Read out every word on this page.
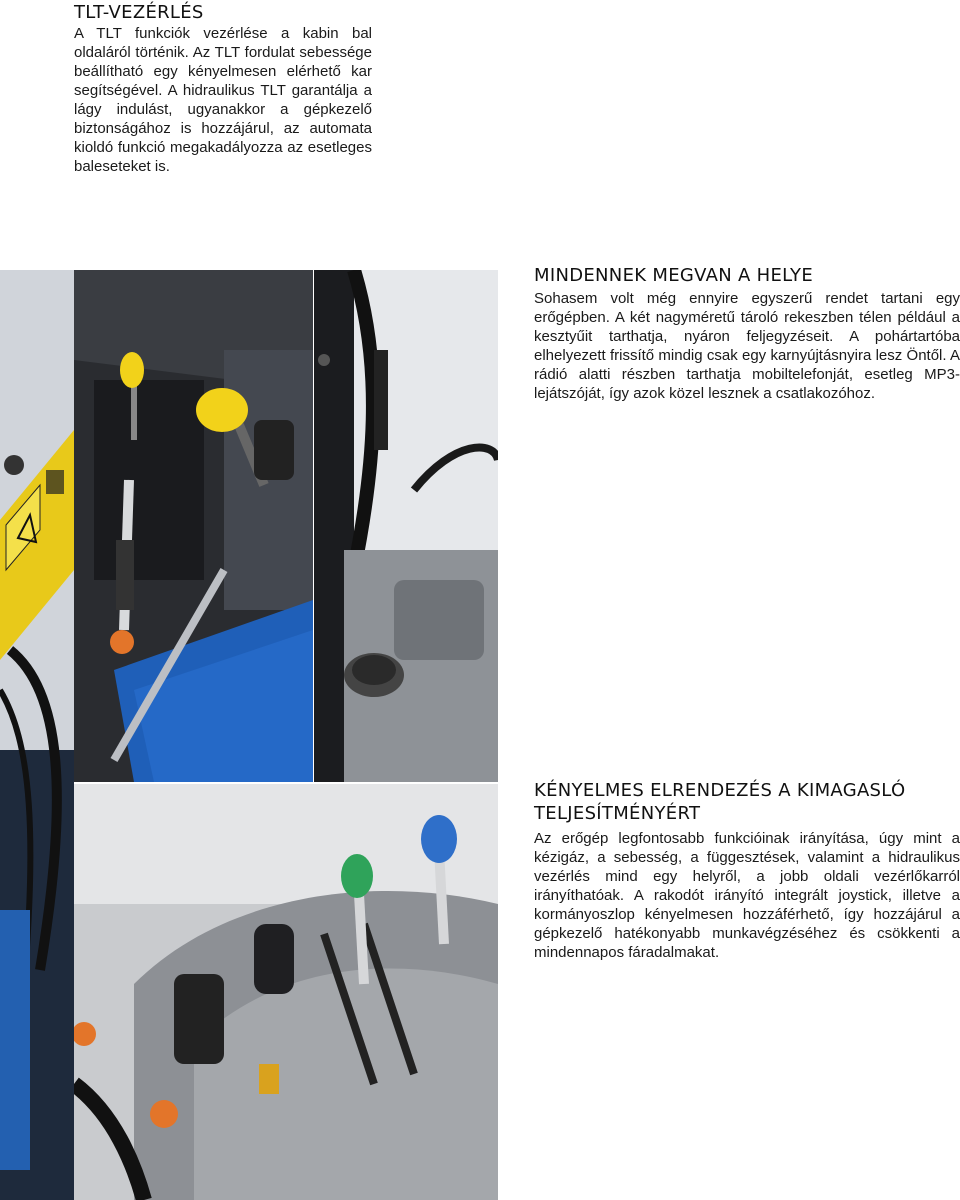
TLT-VEZÉRLÉS

A TLT funkciók vezérlése a kabin bal oldaláról történik. Az TLT fordulat sebessége beállítható egy kényelmesen elérhető kar segítségével. A hidraulikus TLT garantálja a lágy indulást, ugyanakkor a gépkezelő biztonságához is hozzájárul, az automata kioldó funkció megakadályozza az esetleges baleseteket is.

MINDENNEK MEGVAN A HELYE

Sohasem volt még ennyire egyszerű rendet tartani egy erőgépben. A két nagyméretű tároló rekeszben télen például a kesztyűit tarthatja, nyáron feljegyzéseit. A pohártartóba elhelyezett frissítő mindig csak egy karnyújtásnyira lesz Öntől. A rádió alatti részben tarthatja mobiltelefonját, esetleg MP3-lejátszóját, így azok közel lesznek a csatlakozóhoz.

KÉNYELMES ELRENDEZÉS A KIMAGASLÓ TELJESÍTMÉNYÉRT

Az erőgép legfontosabb funkcióinak irányítása, úgy mint a kézigáz, a sebesség, a függesztések, valamint a hidraulikus vezérlés mind egy helyről, a jobb oldali vezérlőkarról irányíthatóak. A rakodót irányító integrált joystick, illetve a kormányoszlop kényelmesen hozzáférhető, így hozzájárul a gépkezelő hatékonyabb munkavégzéséhez és csökkenti a mindennapos fáradalmakat.
